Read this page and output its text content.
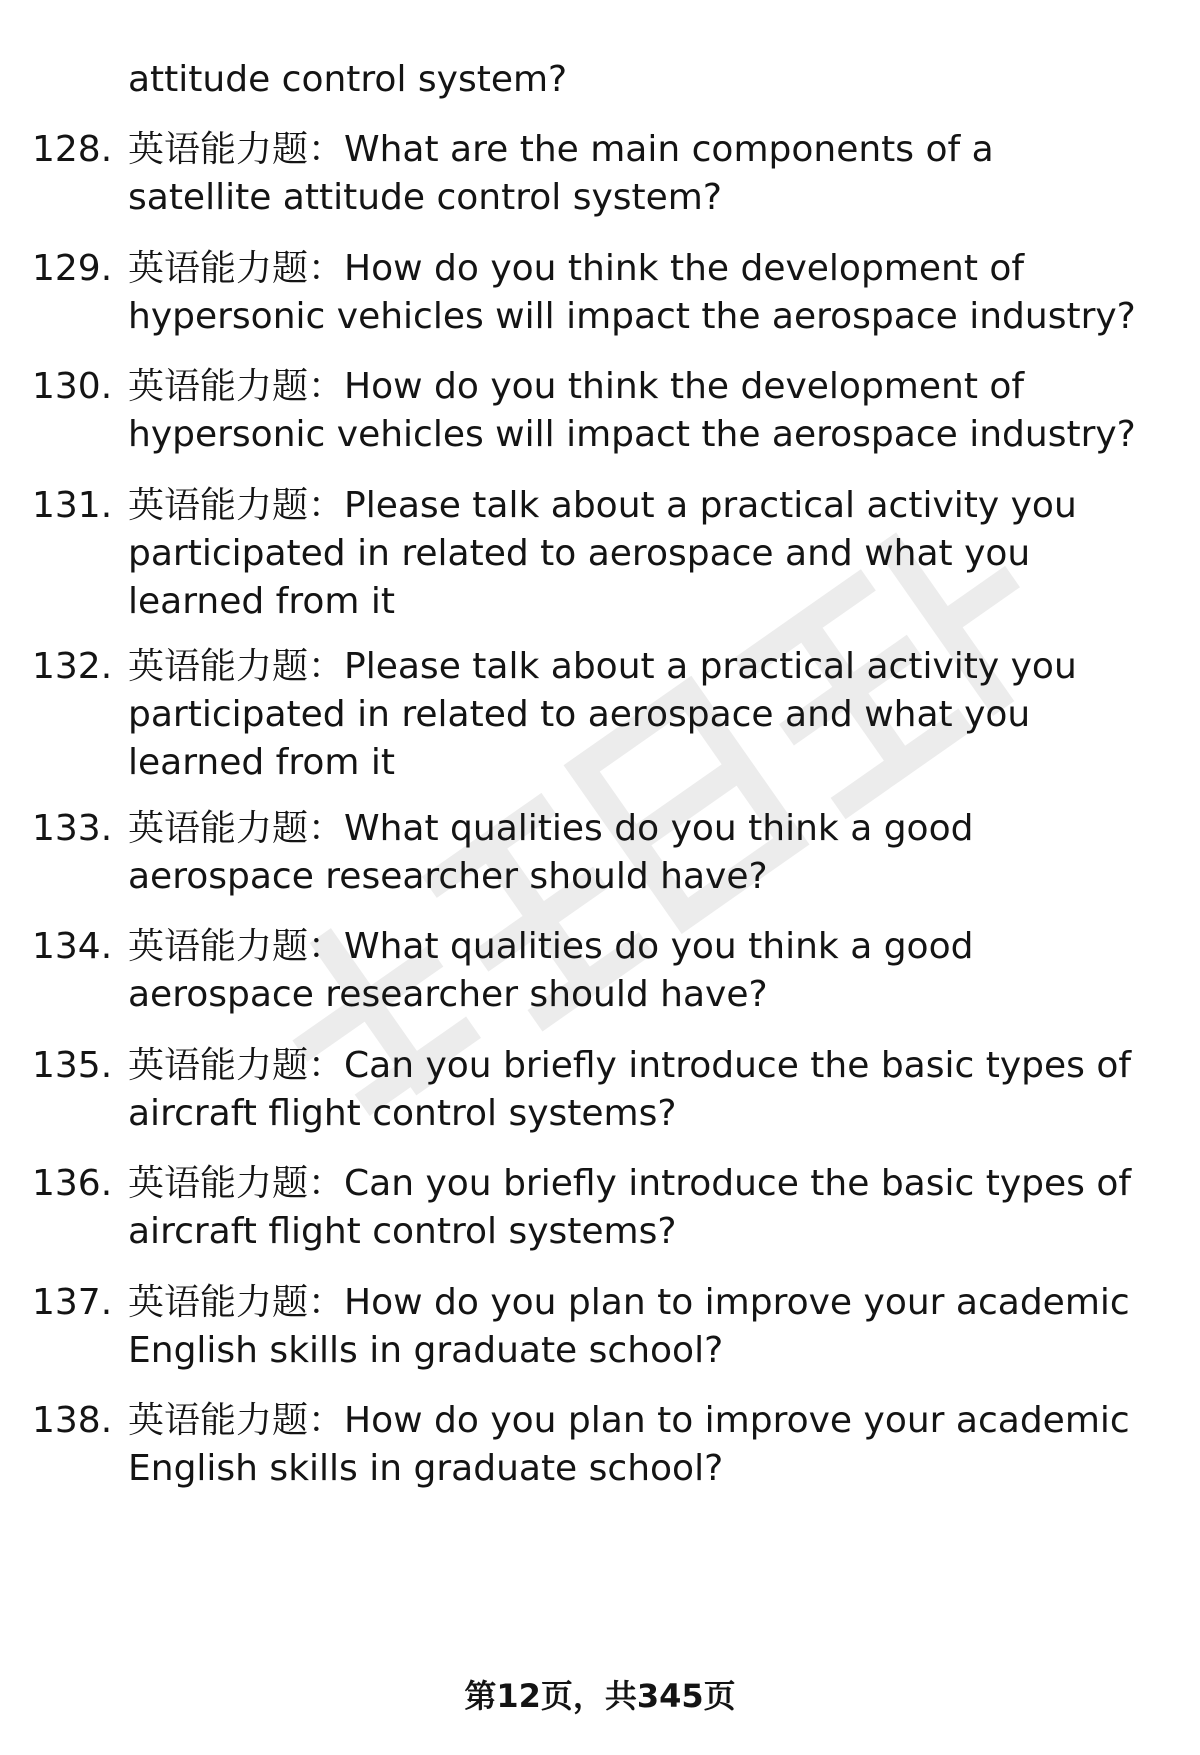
attitude control system?
128. 英语能力题：What are the main components of a satellite attitude control system?
129. 英语能力题：How do you think the development of hypersonic vehicles will impact the aerospace industry?
130. 英语能力题：How do you think the development of hypersonic vehicles will impact the aerospace industry?
131. 英语能力题：Please talk about a practical activity you participated in related to aerospace and what you learned from it
132. 英语能力题：Please talk about a practical activity you participated in related to aerospace and what you learned from it
133. 英语能力题：What qualities do you think a good aerospace researcher should have?
134. 英语能力题：What qualities do you think a good aerospace researcher should have?
135. 英语能力题：Can you briefly introduce the basic types of aircraft flight control systems?
136. 英语能力题：Can you briefly introduce the basic types of aircraft flight control systems?
137. 英语能力题：How do you plan to improve your academic English skills in graduate school?
138. 英语能力题：How do you plan to improve your academic English skills in graduate school?
第12页，共345页
